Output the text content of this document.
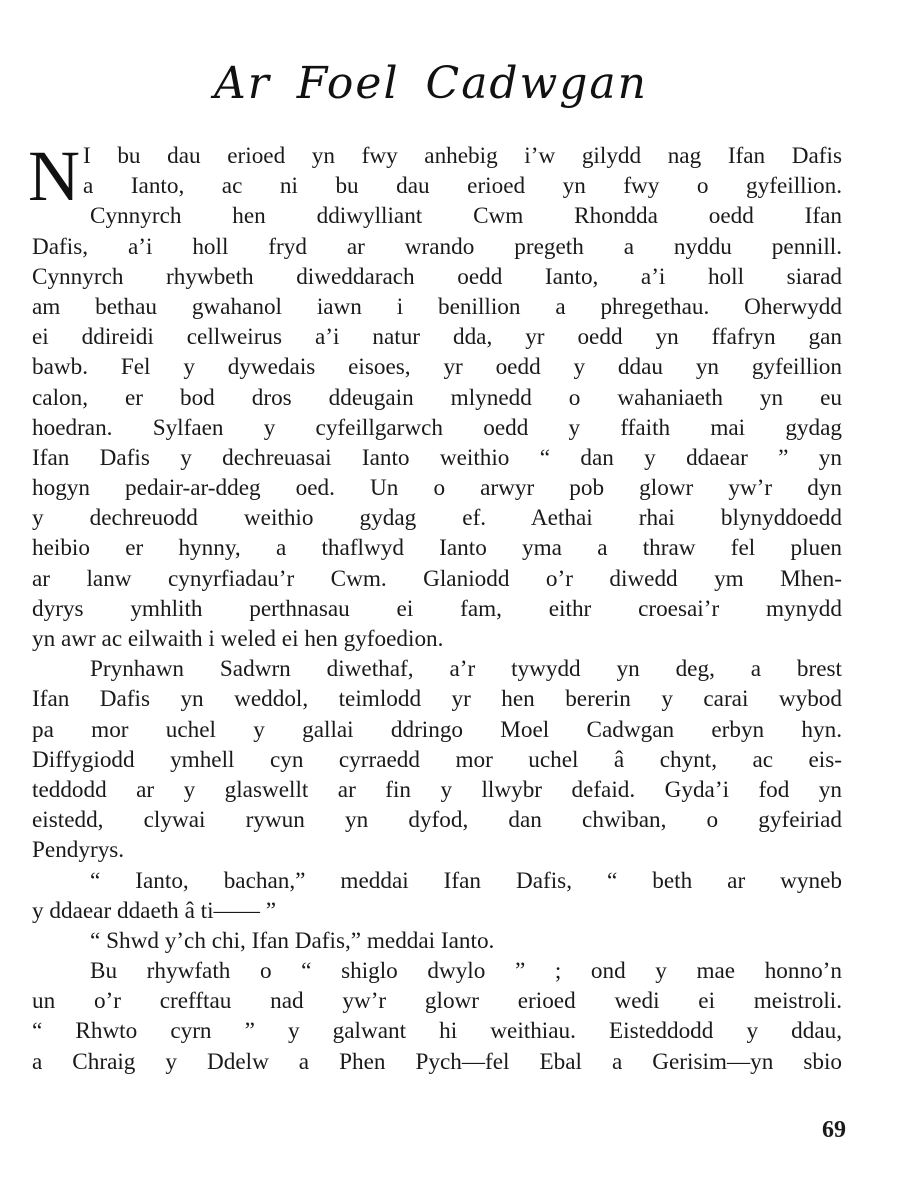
Ar Foel Cadwgan
N I bu dau erioed yn fwy anhebig i’w gilydd nag Ifan Dafis
a Ianto, ac ni bu dau erioed yn fwy o gyfeillion.
Cynnyrch hen ddiwylliant Cwm Rhondda oedd Ifan
Dafis, a’i holl fryd ar wrando pregeth a nyddu pennill.
Cynnyrch rhywbeth diweddarach oedd Ianto, a’i holl siarad
am bethau gwahanol iawn i benillion a phregethau. Oherwydd
ei ddireidi cellweirus a’i natur dda, yr oedd yn ffafryn gan
bawb. Fel y dywedais eisoes, yr oedd y ddau yn gyfeillion
calon, er bod dros ddeugain mlynedd o wahaniaeth yn eu
hoedran. Sylfaen y cyfeillgarwch oedd y ffaith mai gydag
Ifan Dafis y dechreuasai Ianto weithio “ dan y ddaear ” yn
hogyn pedair-ar-ddeg oed. Un o arwyr pob glowr yw’r dyn
y dechreuodd weithio gydag ef. Aethai rhai blynyddoedd
heibio er hynny, a thaflwyd Ianto yma a thraw fel pluen
ar lanw cynyrfiadau’r Cwm. Glaniodd o’r diwedd ym Mhen-
dyrys ymhlith perthnasau ei fam, eithr croesai’r mynydd
yn awr ac eilwaith i weled ei hen gyfoedion.
Prynhawn Sadwrn diwethaf, a’r tywydd yn deg, a brest
Ifan Dafis yn weddol, teimlodd yr hen bererin y carai wybod
pa mor uchel y gallai ddringo Moel Cadwgan erbyn hyn.
Diffygiodd ymhell cyn cyrraedd mor uchel â chynt, ac eis-
teddodd ar y glaswellt ar fin y llwybr defaid. Gyda’i fod yn
eistedd, clywai rywun yn dyfod, dan chwiban, o gyfeiriad
Pendyrys.
“ Ianto, bachan,” meddai Ifan Dafis, “ beth ar wyneb
y ddaear ddaeth â ti—— ”
“ Shwd y’ch chi, Ifan Dafis,” meddai Ianto.
Bu rhywfath o “ shiglo dwylo ” ; ond y mae honno’n
un o’r crefftau nad yw’r glowr erioed wedi ei meistroli.
“ Rhwto cyrn ” y galwant hi weithiau. Eisteddodd y ddau,
a Chraig y Ddelw a Phen Pych—fel Ebal a Gerisim—yn sbio
69
